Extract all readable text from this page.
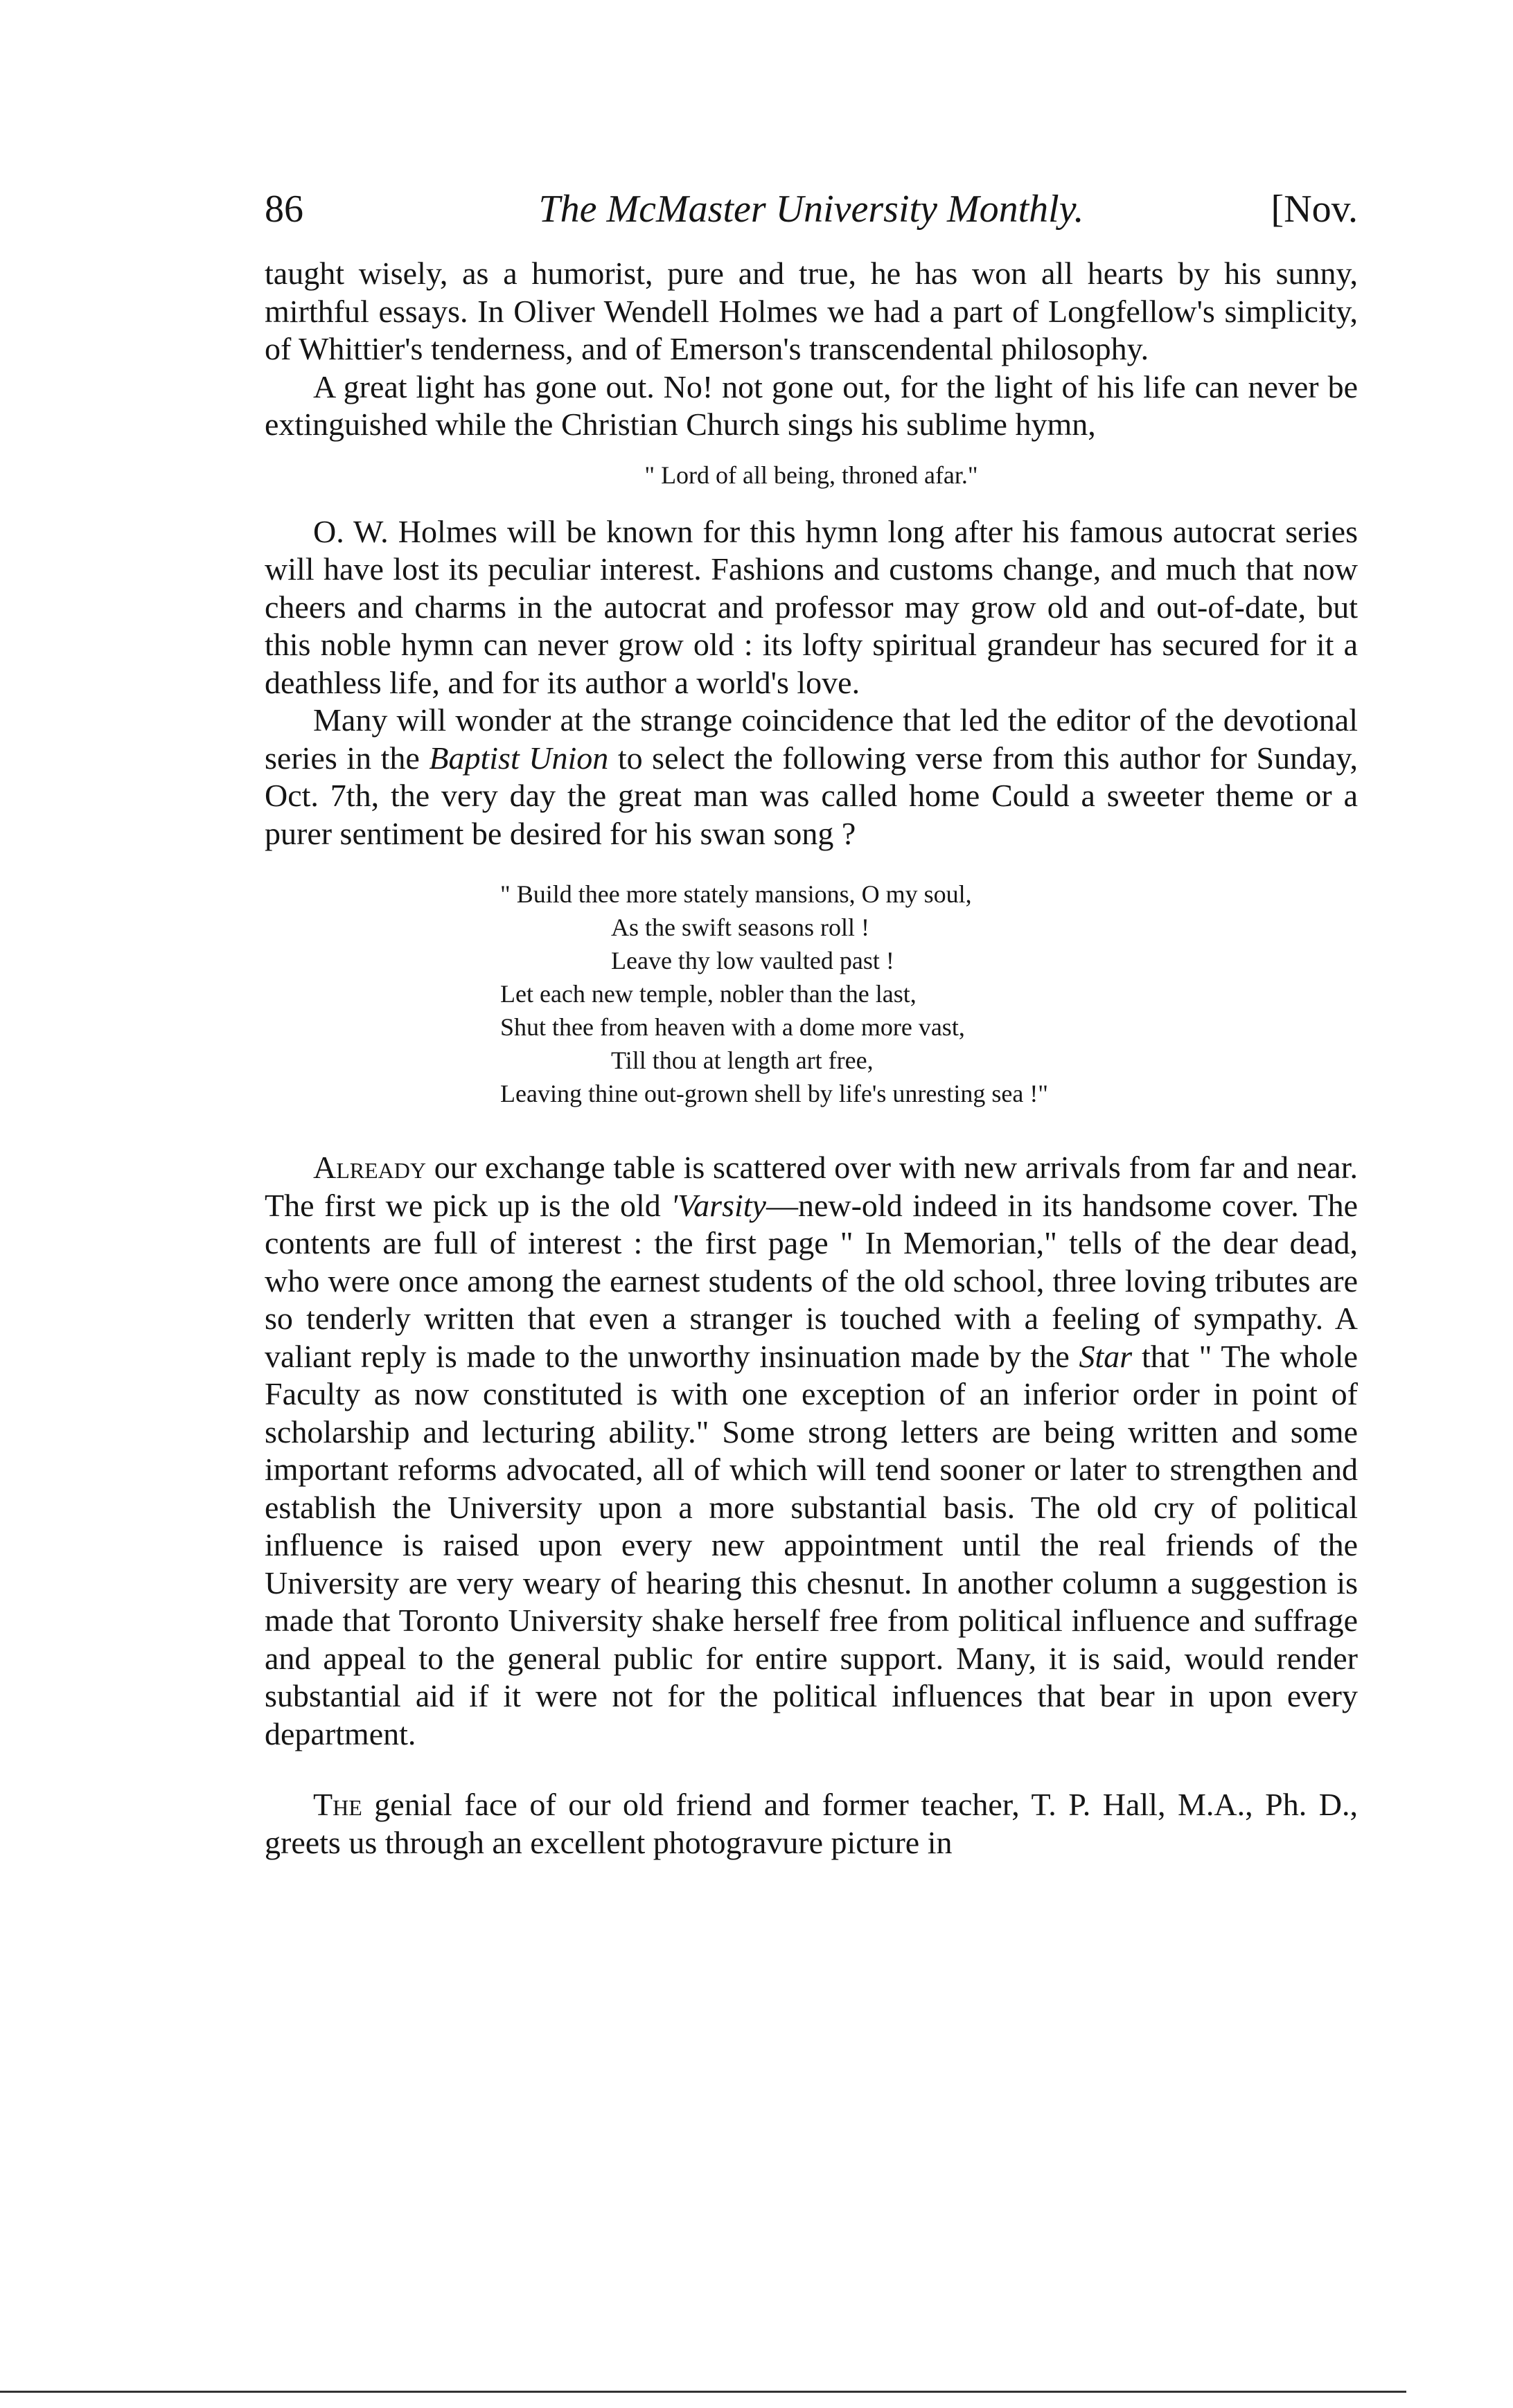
86	The McMaster University Monthly.	[Nov.

taught wisely, as a humorist, pure and true, he has won all hearts by his sunny, mirthful essays. In Oliver Wendell Holmes we had a part of Longfellow's simplicity, of Whittier's tenderness, and of Emerson's transcendental philosophy.

A great light has gone out. No! not gone out, for the light of his life can never be extinguished while the Christian Church sings his sublime hymn,

" Lord of all being, throned afar."

O. W. Holmes will be known for this hymn long after his famous autocrat series will have lost its peculiar interest. Fashions and customs change, and much that now cheers and charms in the autocrat and professor may grow old and out-of-date, but this noble hymn can never grow old : its lofty spiritual grandeur has secured for it a deathless life, and for its author a world's love.

Many will wonder at the strange coincidence that led the editor of the devotional series in the Baptist Union to select the following verse from this author for Sunday, Oct. 7th, the very day the great man was called home Could a sweeter theme or a purer sentiment be desired for his swan song ?

" Build thee more stately mansions, O my soul,
As the swift seasons roll !
Leave thy low vaulted past !
Let each new temple, nobler than the last,
Shut thee from heaven with a dome more vast,
Till thou at length art free,
Leaving thine out-grown shell by life's unresting sea !"

Already our exchange table is scattered over with new arrivals from far and near. The first we pick up is the old 'Varsity—new-old indeed in its handsome cover. The contents are full of interest : the first page " In Memorian," tells of the dear dead, who were once among the earnest students of the old school, three loving tributes are so tenderly written that even a stranger is touched with a feeling of sympathy. A valiant reply is made to the unworthy insinuation made by the Star that " The whole Faculty as now constituted is with one exception of an inferior order in point of scholarship and lecturing ability." Some strong letters are being written and some important reforms advocated, all of which will tend sooner or later to strengthen and establish the University upon a more substantial basis. The old cry of political influence is raised upon every new appointment until the real friends of the University are very weary of hearing this chesnut. In another column a suggestion is made that Toronto University shake herself free from political influence and suffrage and appeal to the general public for entire support. Many, it is said, would render substantial aid if it were not for the political influences that bear in upon every department.

The genial face of our old friend and former teacher, T. P. Hall, M.A., Ph. D., greets us through an excellent photogravure picture in
